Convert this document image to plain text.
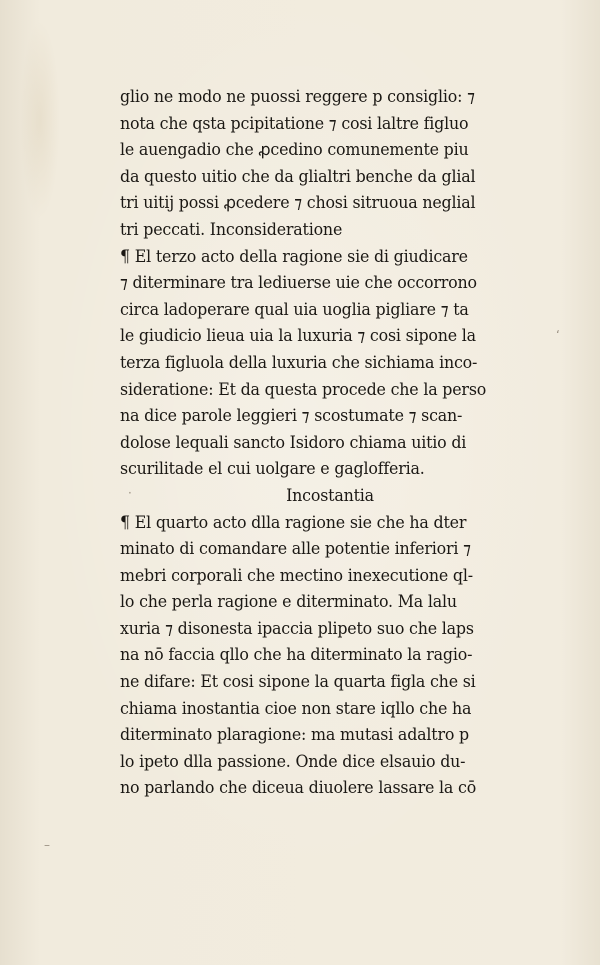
glio ne modo ne puossi reggere p consiglio: ⁊
nota che qsta pcipitatione ⁊ cosi laltre figluo
le auengadio che ꝓcedino comunemente piu
da questo uitio che da glialtri benche da glial
tri uitij possi ꝓcedere ⁊ chosi sitruoua neglial
tri peccati. Inconsideratione
¶ El terzo acto della ragione sie di giudicare
⁊ diterminare tra lediuerse uie che occorrono
circa ladoperare qual uia uoglia pigliare ⁊ ta
le giudicio lieua uia la luxuria ⁊ cosi sipone la
terza figluola della luxuria che sichiama inco-
sideratione: Et da questa procede che la perso
na dice parole leggieri ⁊ scostumate ⁊ scan-
dolose lequali sancto Isidoro chiama uitio di
scurilitade el cui uolgare e gaglofferia.
Incostantia
¶ El quarto acto dlla ragione sie che ha dter
minato di comandare alle potentie inferiori ⁊
mebri corporali che mectino inexecutione ql-
lo che perla ragione e diterminato. Ma lalu
xuria ⁊ disonesta ipaccia plipeto suo che laps
na nō faccia qllo che ha diterminato la ragio-
ne difare: Et cosi sipone la quarta figla che si
chiama inostantia cioe non stare iqllo che ha
diterminato plaragione: ma mutasi adaltro p
lo ipeto dlla passione. Onde dice elsauio du-
no parlando che diceua diuolere lassare la cō
‘
·
–
